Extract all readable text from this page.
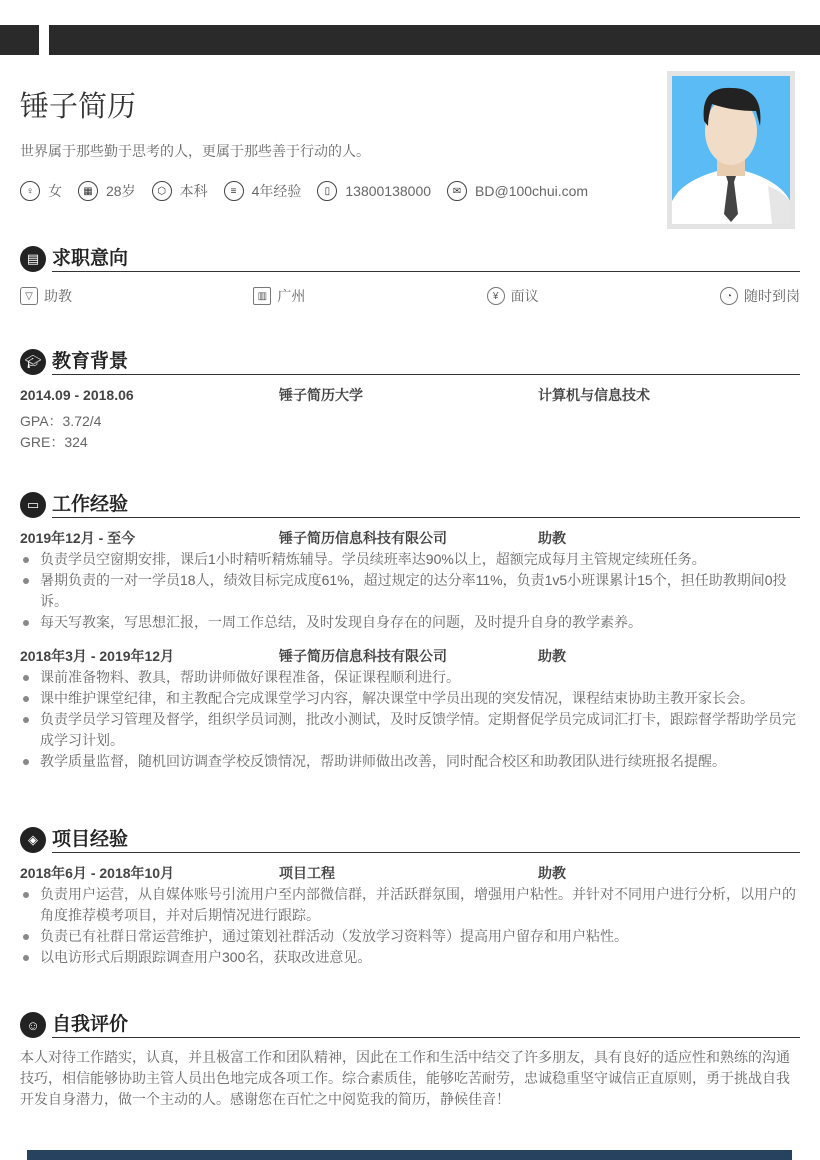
锤子简历
世界属于那些勤于思考的人，更属于那些善于行动的人。
♀	女	▦ 28岁	⬡ 本科	≡	4年经验	▯	13800138000	✉ BD@100chui.com
▤ 求职意向
▽ 助教	▥ 广州	¥ 面议	◔ 随时到岗
🎓︎ 教育背景
2014.09 - 2018.06	锤子简历大学	计算机与信息技术
GPA：3.72/4
GRE：324
▭ 工作经验
2019年12月 - 至今	锤子简历信息科技有限公司	助教
负责学员空窗期安排，课后1小时精听精炼辅导。学员续班率达90%以上，超额完成每月主管规定续班任务。
暑期负责的一对一学员18人，绩效目标完成度61%，超过规定的达分率11%，负责1v5小班课累计15个，担任助教期间0投诉。
每天写教案，写思想汇报，一周工作总结，及时发现自身存在的问题，及时提升自身的教学素养。
2018年3月 - 2019年12月	锤子简历信息科技有限公司	助教
课前准备物料、教具，帮助讲师做好课程准备，保证课程顺利进行。
课中维护课堂纪律，和主教配合完成课堂学习内容，解决课堂中学员出现的突发情况，课程结束协助主教开家长会。
负责学员学习管理及督学，组织学员词测，批改小测试，及时反馈学情。定期督促学员完成词汇打卡，跟踪督学帮助学员完成学习计划。
教学质量监督，随机回访调查学校反馈情况，帮助讲师做出改善，同时配合校区和助教团队进行续班报名提醒。
◈ 项目经验
2018年6月 - 2018年10月	项目工程	助教
负责用户运营，从自媒体账号引流用户至内部微信群，并活跃群氛围，增强用户粘性。并针对不同用户进行分析，以用户的角度推荐模考项目，并对后期情况进行跟踪。
负责已有社群日常运营维护，通过策划社群活动（发放学习资料等）提高用户留存和用户粘性。
以电访形式后期跟踪调查用户300名，获取改进意见。
☺ 自我评价
本人对待工作踏实，认真，并且极富工作和团队精神，因此在工作和生活中结交了许多朋友，具有良好的适应性和熟练的沟通技巧，相信能够协助主管人员出色地完成各项工作。综合素质佳，能够吃苦耐劳，忠诚稳重坚守诚信正直原则，勇于挑战自我开发自身潜力，做一个主动的人。感谢您在百忙之中阅览我的简历，静候佳音！
